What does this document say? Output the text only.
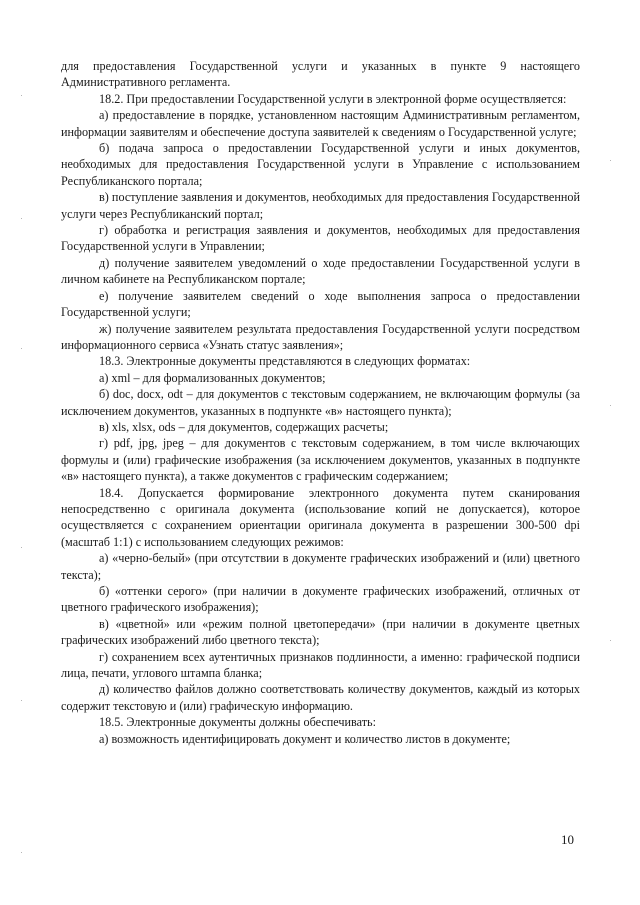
для предоставления Государственной услуги и указанных в пункте 9 настоящего Административного регламента.

18.2. При предоставлении Государственной услуги в электронной форме осуществляется:

а) предоставление в порядке, установленном настоящим Административным регламентом, информации заявителям и обеспечение доступа заявителей к сведениям о Государственной услуге;

б) подача запроса о предоставлении Государственной услуги и иных документов, необходимых для предоставления Государственной услуги в Управление с использованием Республиканского портала;

в) поступление заявления и документов, необходимых для предоставления Государственной услуги через Республиканский портал;

г) обработка и регистрация заявления и документов, необходимых для предоставления Государственной услуги в Управлении;

д) получение заявителем уведомлений о ходе предоставлении Государственной услуги в личном кабинете на Республиканском портале;

е) получение заявителем сведений о ходе выполнения запроса о предоставлении Государственной услуги;

ж) получение заявителем результата предоставления Государственной услуги посредством информационного сервиса «Узнать статус заявления»;

18.3. Электронные документы представляются в следующих форматах:

а) xml – для формализованных документов;

б) doc, docx, odt – для документов с текстовым содержанием, не включающим формулы (за исключением документов, указанных в подпункте «в» настоящего пункта);

в) xls, xlsx, ods – для документов, содержащих расчеты;

г) pdf, jpg, jpeg – для документов с текстовым содержанием, в том числе включающих формулы и (или) графические изображения (за исключением документов, указанных в подпункте «в» настоящего пункта), а также документов с графическим содержанием;

18.4. Допускается формирование электронного документа путем сканирования непосредственно с оригинала документа (использование копий не допускается), которое осуществляется с сохранением ориентации оригинала документа в разрешении 300-500 dpi (масштаб 1:1) с использованием следующих режимов:

а) «черно-белый» (при отсутствии в документе графических изображений и (или) цветного текста);

б) «оттенки серого» (при наличии в документе графических изображений, отличных от цветного графического изображения);

в) «цветной» или «режим полной цветопередачи» (при наличии в документе цветных графических изображений либо цветного текста);

г) сохранением всех аутентичных признаков подлинности, а именно: графической подписи лица, печати, углового штампа бланка;

д) количество файлов должно соответствовать количеству документов, каждый из которых содержит текстовую и (или) графическую информацию.

18.5. Электронные документы должны обеспечивать:

а) возможность идентифицировать документ и количество листов в документе;

10
